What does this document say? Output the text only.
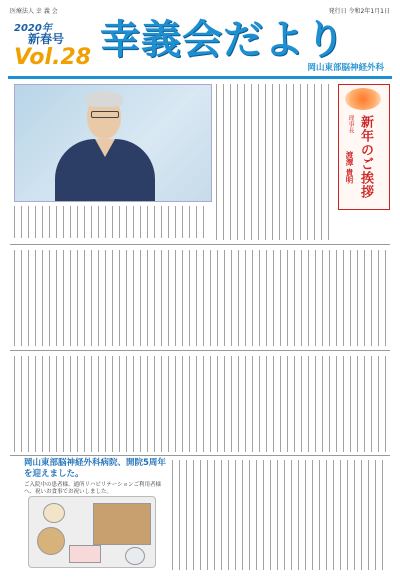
医療法人 幸 義 会	発行日 令和2年1月1日
2020年
新春号
Vol.28 幸義会だより
岡山東部脳神経外科
新年のご挨拶
理事長
渡潭 貴明
岡山東部脳神経外科病院、開院5周年を迎えました。
ご入院中の患者様、通所リハビリテーションご利用者様へ、祝いお食事でお祝いしました。
